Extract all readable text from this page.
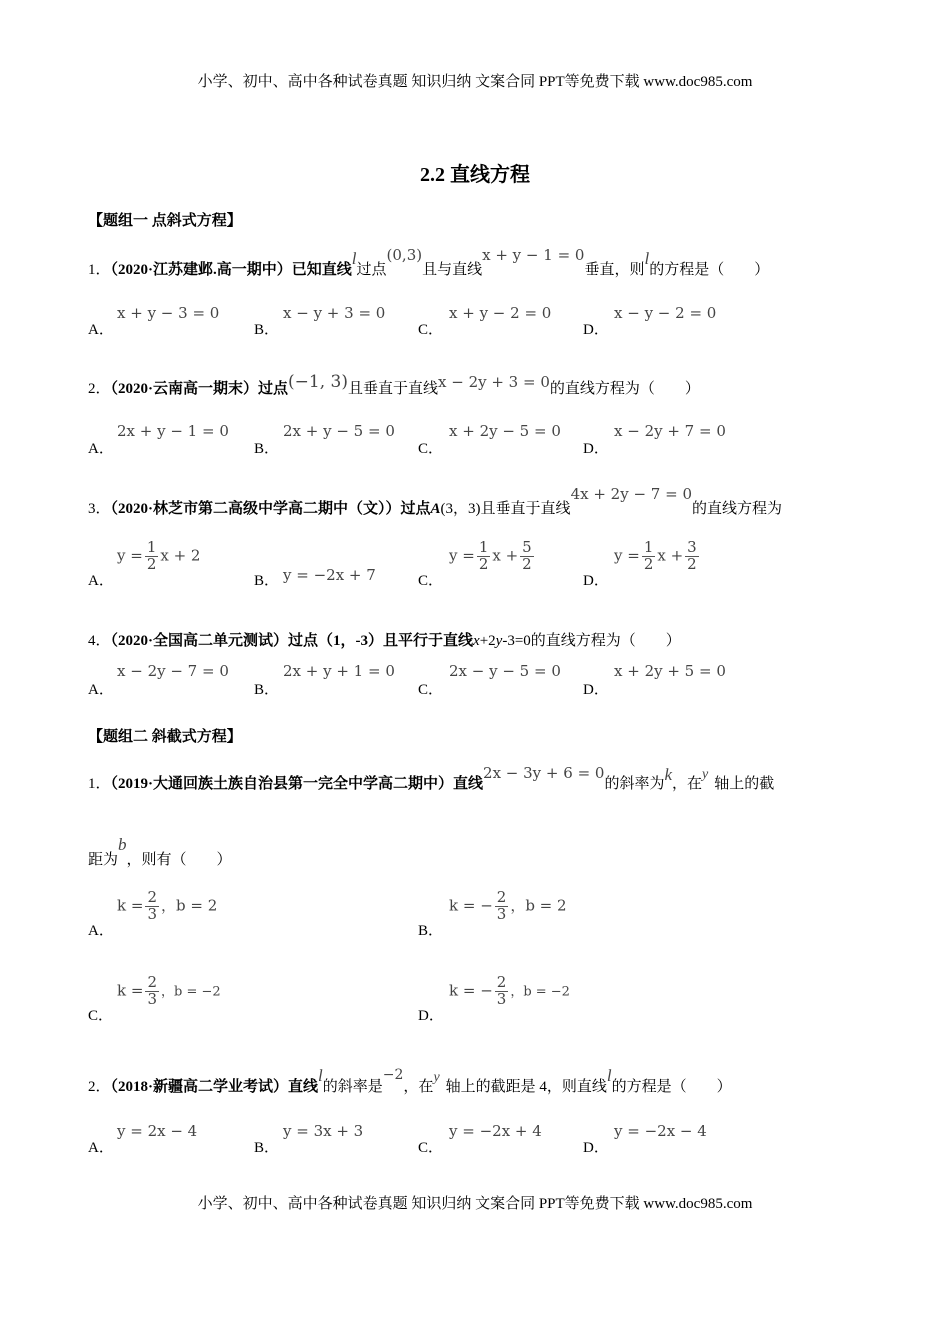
小学、初中、高中各种试卷真题 知识归纳 文案合同 PPT等免费下载 www.doc985.com
2.2 直线方程
【题组一 点斜式方程】
1．（2020·江苏建邺.高一期中）已知直线l过点(0,3)且与直线x + y − 1 = 0垂直，则l的方程是（　　）
A．
x + y − 3 = 0
B．
x − y + 3 = 0
C．
x + y − 2 = 0
D．
x − y − 2 = 0
2．（2020·云南高一期末）过点(−1, 3)且垂直于直线x − 2y + 3 = 0的直线方程为（　　）
A．
2x + y − 1 = 0
B．
2x + y − 5 = 0
C．
x + 2y − 5 = 0
D．
x − 2y + 7 = 0
3．（2020·林芝市第二高级中学高二期中（文））过点A(3，3)且垂直于直线4x + 2y − 7 = 0的直线方程为
A．
$y = \frac{1}{2}$ x + 2
B． y = −2x + 7	C．
$y = \frac{1}{2}$ $x + \frac{5}{2}$
D．
$y = \frac{1}{2}$ $x + \frac{3}{2}$
4．（2020·全国高二单元测试）过点（1，-3）且平行于直线x+2y-3=0的直线方程为（　　）
A．
x − 2y − 7 = 0
B．
2x + y + 1 = 0
C．
2x − y − 5 = 0
D．
x + 2y + 5 = 0
【题组二 斜截式方程】
1．（2019·大通回族土族自治县第一完全中学高二期中）直线2x − 3y + 6 = 0的斜率为k，在y轴上的截
距为b，则有（　　）
A．
$k = \frac{2}{3}$ ，b = 2
B．
k = − $\frac{2}{3}$ ，b = 2
C．
$k = \frac{2}{3}$ ，b = −2
D．
k = − $\frac{2}{3}$ ，b = −2
2．（2018·新疆高二学业考试）直线l的斜率是−2，在y轴上的截距是 4，则直线l的方程是（　　）
A．
y = 2x − 4
B．
y = 3x + 3
C．
y = −2x + 4
D．
y = −2x − 4
小学、初中、高中各种试卷真题 知识归纳 文案合同 PPT等免费下载 www.doc985.com
